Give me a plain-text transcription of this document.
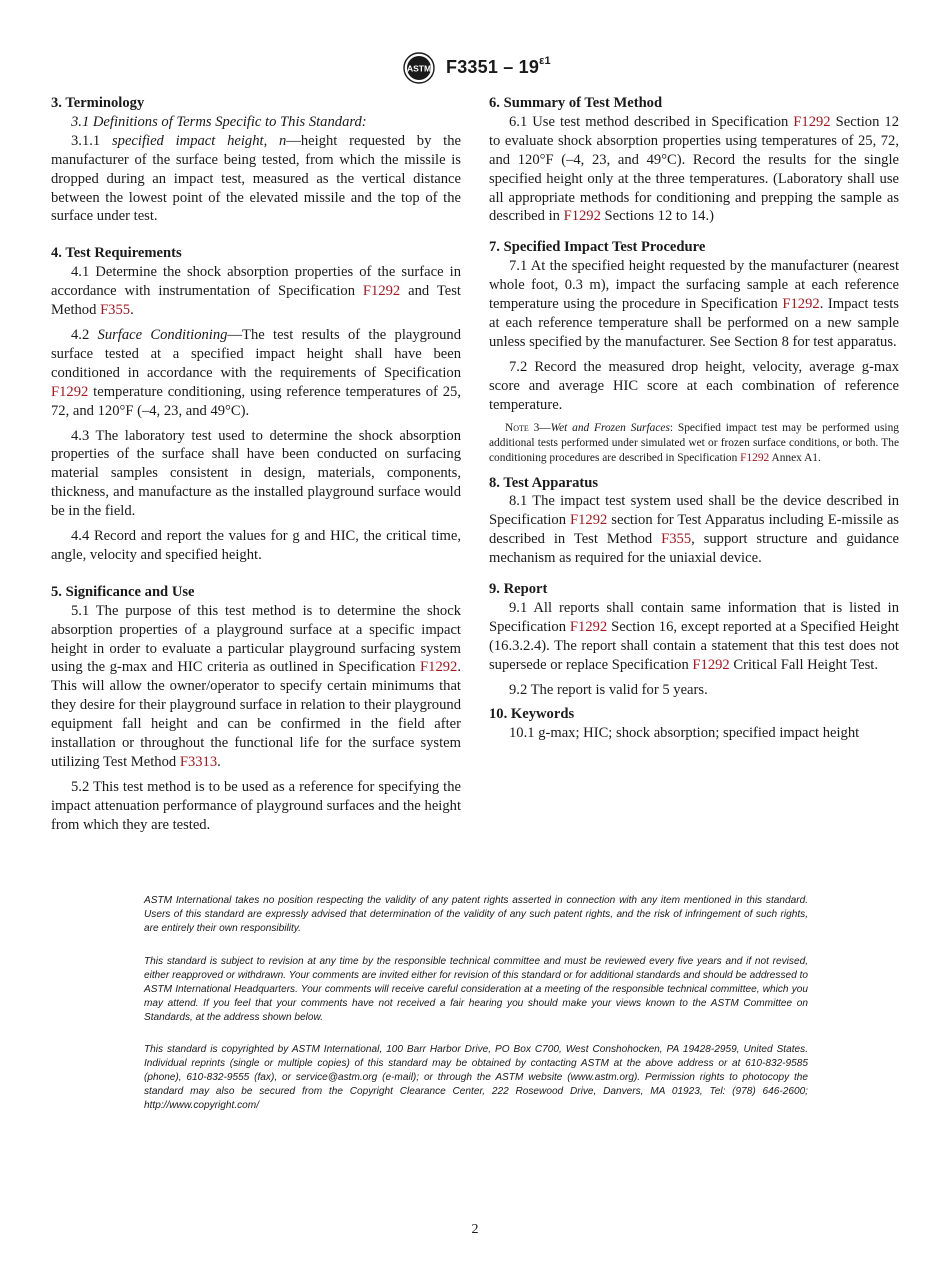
ASTM $F3351 - 19^{\varepsilon 1}$

3. Terminology

3.1 Definitions of Terms Specific to This Standard:

3.1.1 specified impact height, n—height requested by the manufacturer of the surface being tested, from which the missile is dropped during an impact test, measured as the vertical distance between the lowest point of the elevated missile and the top of the surface under test.

4. Test Requirements

4.1 Determine the shock absorption properties of the surface in accordance with instrumentation of Specification F1292 and Test Method F355.

4.2 Surface Conditioning—The test results of the playground surface tested at a specified impact height shall have been conditioned in accordance with the requirements of Specification F1292 temperature conditioning, using reference temperatures of 25, 72, and 120°F (–4, 23, and 49°C).

4.3 The laboratory test used to determine the shock absorption properties of the surface shall have been conducted on surfacing material samples consistent in design, materials, components, thickness, and manufacture as the installed playground surface would be in the field.

4.4 Record and report the values for g and HIC, the critical time, angle, velocity and specified height.

5. Significance and Use

5.1 The purpose of this test method is to determine the shock absorption properties of a playground surface at a specific impact height in order to evaluate a particular playground surfacing system using the g-max and HIC criteria as outlined in Specification F1292. This will allow the owner/operator to specify certain minimums that they desire for their playground surface in relation to their playground equipment fall height and can be confirmed in the field after installation or throughout the functional life for the surface system utilizing Test Method F3313.

5.2 This test method is to be used as a reference for specifying the impact attenuation performance of playground surfaces and the height from which they are tested.

6. Summary of Test Method

6.1 Use test method described in Specification F1292 Section 12 to evaluate shock absorption properties using temperatures of 25, 72, and 120°F (–4, 23, and 49°C). Record the results for the single specified height only at the three temperatures. (Laboratory shall use all appropriate methods for conditioning and prepping the sample as described in F1292 Sections 12 to 14.)

7. Specified Impact Test Procedure

7.1 At the specified height requested by the manufacturer (nearest whole foot, 0.3 m), impact the surfacing sample at each reference temperature using the procedure in Specification F1292. Impact tests at each reference temperature shall be performed on a new sample unless specified by the manufacturer. See Section 8 for test apparatus.

7.2 Record the measured drop height, velocity, average g-max score and average HIC score at each combination of reference temperature.

Note 3—Wet and Frozen Surfaces: Specified impact test may be performed using additional tests performed under simulated wet or frozen surface conditions, or both. The conditioning procedures are described in Specification F1292 Annex A1.

8. Test Apparatus

8.1 The impact test system used shall be the device described in Specification F1292 section for Test Apparatus including E-missile as described in Test Method F355, support structure and guidance mechanism as required for the uniaxial device.

9. Report

9.1 All reports shall contain same information that is listed in Specification F1292 Section 16, except reported at a Specified Height (16.3.2.4). The report shall contain a statement that this test does not supersede or replace Specification F1292 Critical Fall Height Test.

9.2 The report is valid for 5 years.

10. Keywords

10.1 g-max; HIC; shock absorption; specified impact height

ASTM International takes no position respecting the validity of any patent rights asserted in connection with any item mentioned in this standard. Users of this standard are expressly advised that determination of the validity of any such patent rights, and the risk of infringement of such rights, are entirely their own responsibility.

This standard is subject to revision at any time by the responsible technical committee and must be reviewed every five years and if not revised, either reapproved or withdrawn. Your comments are invited either for revision of this standard or for additional standards and should be addressed to ASTM International Headquarters. Your comments will receive careful consideration at a meeting of the responsible technical committee, which you may attend. If you feel that your comments have not received a fair hearing you should make your views known to the ASTM Committee on Standards, at the address shown below.

This standard is copyrighted by ASTM International, 100 Barr Harbor Drive, PO Box C700, West Conshohocken, PA 19428-2959, United States. Individual reprints (single or multiple copies) of this standard may be obtained by contacting ASTM at the above address or at 610-832-9585 (phone), 610-832-9555 (fax), or service@astm.org (e-mail); or through the ASTM website (www.astm.org). Permission rights to photocopy the standard may also be secured from the Copyright Clearance Center, 222 Rosewood Drive, Danvers, MA 01923, Tel: (978) 646-2600; http://www.copyright.com/

2
